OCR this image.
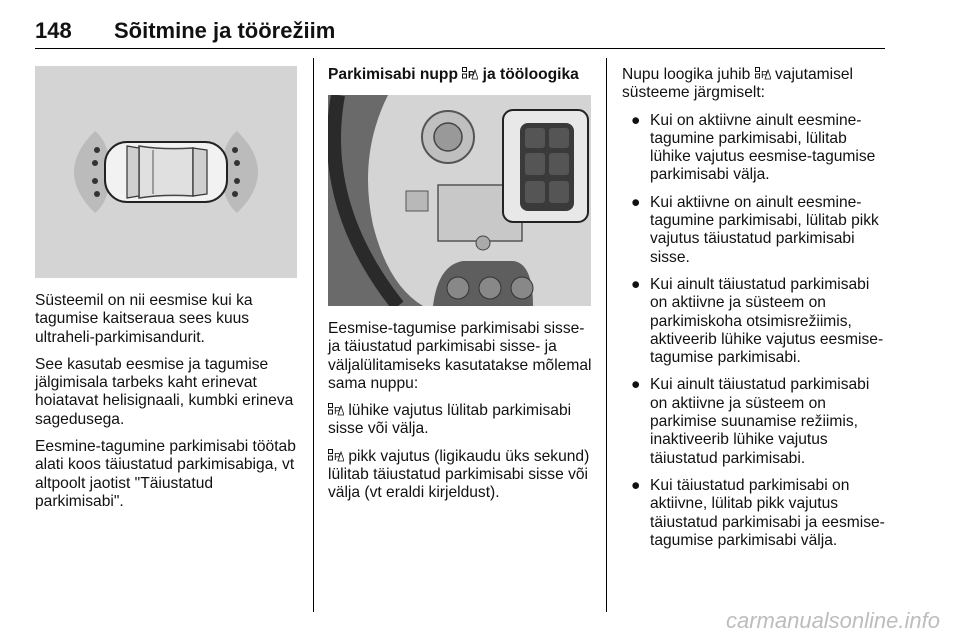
148 Sõitmine ja töörežiim

Süsteemil on nii eesmise kui ka tagumise kaitseraua sees kuus ultraheli-parkimisandurit.

See kasutab eesmise ja tagumise jälgimisala tarbeks kaht erinevat hoiatavat helisignaali, kumbki erineva sagedusega.

Eesmine-tagumine parkimisabi töötab alati koos täiustatud parkimisabiga, vt altpoolt jaotist "Täiustatud parkimisabi".

Parkimisabi nupp P ja tööloogika

Eesmise-tagumise parkimisabi sisse- ja täiustatud parkimisabi sisse- ja väljalülitamiseks kasutatakse mõlemal sama nuppu:

P lühike vajutus lülitab parkimisabi sisse või välja.

P pikk vajutus (ligikaudu üks sekund) lülitab täiustatud parkimisabi sisse või välja (vt eraldi kirjeldust).

Nupu loogika juhib P vajutamisel süsteeme järgmiselt:

● Kui on aktiivne ainult eesmine-tagumine parkimisabi, lülitab lühike vajutus eesmise-tagumise parkimisabi välja.
● Kui aktiivne on ainult eesmine-tagumine parkimisabi, lülitab pikk vajutus täiustatud parkimisabi sisse.
● Kui ainult täiustatud parkimisabi on aktiivne ja süsteem on parkimiskoha otsimisrežiimis, aktiveerib lühike vajutus eesmise-tagumise parkimisabi.
● Kui ainult täiustatud parkimisabi on aktiivne ja süsteem on parkimise suunamise režiimis, inaktiveerib lühike vajutus täiustatud parkimisabi.
● Kui täiustatud parkimisabi on aktiivne, lülitab pikk vajutus täiustatud parkimisabi ja eesmise-tagumise parkimisabi välja.
carmanualsonline.info
